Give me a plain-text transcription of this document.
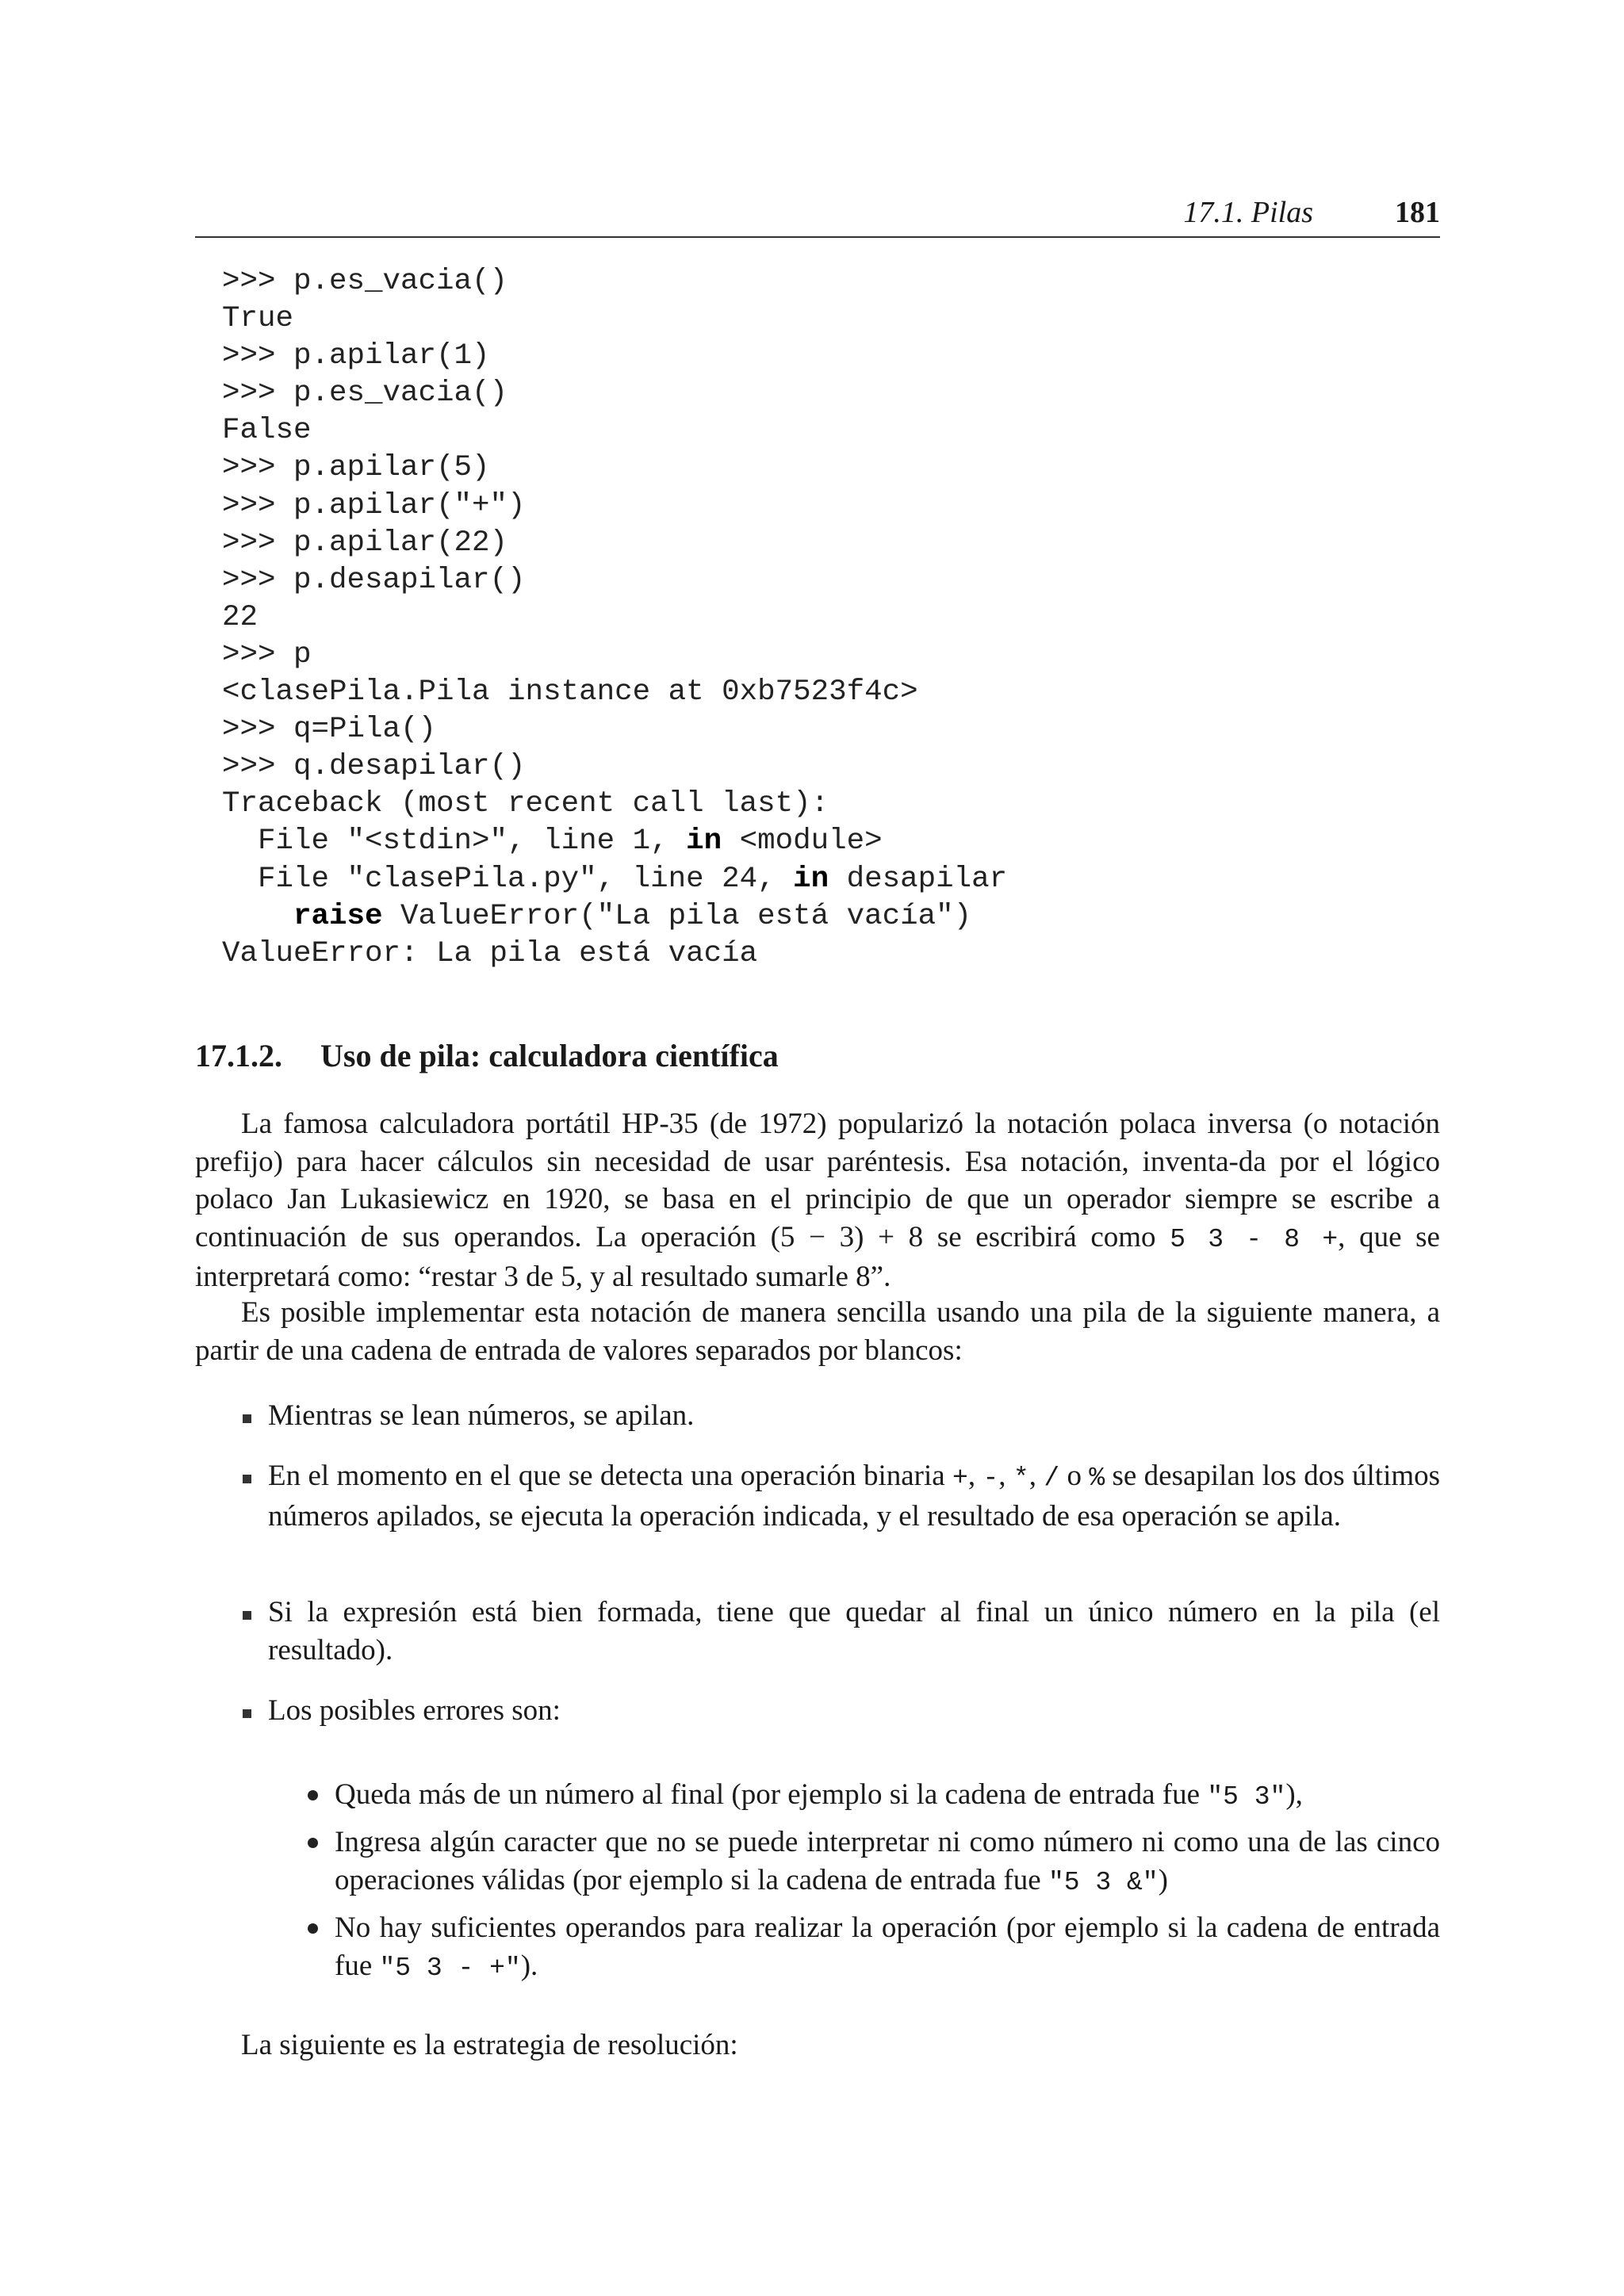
17.1. Pilas	181
>>> p.es_vacia()
True
>>> p.apilar(1)
>>> p.es_vacia()
False
>>> p.apilar(5)
>>> p.apilar("+")
>>> p.apilar(22)
>>> p.desapilar()
22
>>> p
<clasePila.Pila instance at 0xb7523f4c>
>>> q=Pila()
>>> q.desapilar()
Traceback (most recent call last):
File "<stdin>", line 1, in <module>
File "clasePila.py", line 24, in desapilar
raise ValueError("La pila está vacía")
ValueError: La pila está vacía
17.1.2. Uso de pila: calculadora científica

La famosa calculadora portátil HP-35 (de 1972) popularizó la notación polaca inversa (o notación prefijo) para hacer cálculos sin necesidad de usar paréntesis. Esa notación, inventa-da por el lógico polaco Jan Lukasiewicz en 1920, se basa en el principio de que un operador siempre se escribe a continuación de sus operandos. La operación (5 − 3) + 8 se escribirá como 5 3 - 8 +, que se interpretará como: “restar 3 de 5, y al resultado sumarle 8”.

Es posible implementar esta notación de manera sencilla usando una pila de la siguiente manera, a partir de una cadena de entrada de valores separados por blancos:

Mientras se lean números, se apilan.
En el momento en el que se detecta una operación binaria +, -, *, / o % se desapilan los dos últimos números apilados, se ejecuta la operación indicada, y el resultado de esa operación se apila.
Si la expresión está bien formada, tiene que quedar al final un único número en la pila (el resultado).
Los posibles errores son:
Queda más de un número al final (por ejemplo si la cadena de entrada fue "5 3"),
Ingresa algún caracter que no se puede interpretar ni como número ni como una de las cinco operaciones válidas (por ejemplo si la cadena de entrada fue "5 3 &")
No hay suficientes operandos para realizar la operación (por ejemplo si la cadena de entrada fue "5 3 - +").

La siguiente es la estrategia de resolución:
